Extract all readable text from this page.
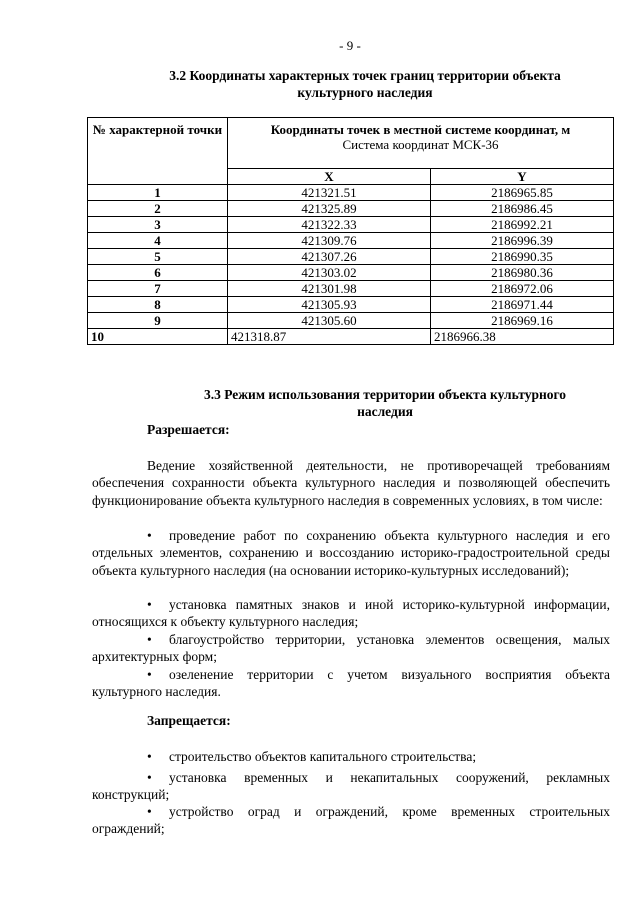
- 9 -
3.2 Координаты характерных точек границ территории объекта
культурного наследия
№ характерной точки	Координаты точек в местной системе координат, м
Система координат МСК-36	

	X	Y
1	421321.51	2186965.85
2	421325.89	2186986.45
3	421322.33	2186992.21
4	421309.76	2186996.39
5	421307.26	2186990.35
6	421303.02	2186980.36
7	421301.98	2186972.06
8	421305.93	2186971.44
9	421305.60	2186969.16
10	421318.87	2186966.38
3.3 Режим использования территории объекта культурного
наследия
Разрешается:

Ведение хозяйственной деятельности, не противоречащей требованиям обеспечения сохранности объекта культурного наследия и позволяющей обеспечить функционирование объекта культурного наследия в современных условиях, в том числе:

• проведение работ по сохранению объекта культурного наследия и его отдельных элементов, сохранению и воссозданию историко-градостроительной среды объекта культурного наследия (на основании историко-культурных исследований);

• установка памятных знаков и иной историко-культурной информации, относящихся к объекту культурного наследия;

• благоустройство территории, установка элементов освещения, малых архитектурных форм;

• озеленение территории с учетом визуального восприятия объекта культурного наследия.

Запрещается:

• строительство объектов капитального строительства;

• установка временных и некапитальных сооружений, рекламных конструкций;

• устройство оград и ограждений, кроме временных строительных ограждений;
